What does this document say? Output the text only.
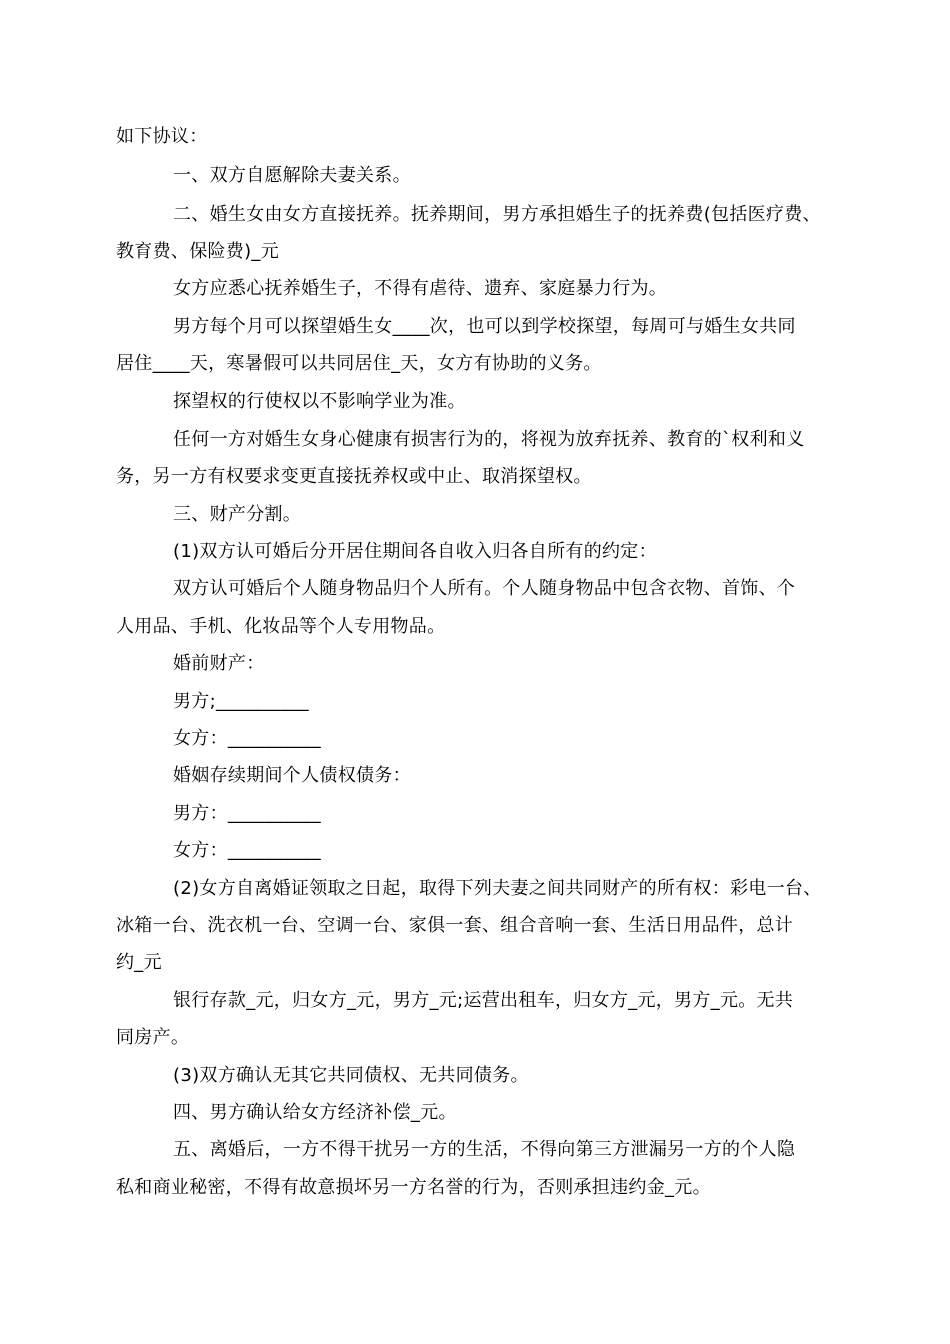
如下协议：
一、双方自愿解除夫妻关系。
二、婚生女由女方直接抚养。抚养期间，男方承担婚生子的抚养费(包括医疗费、
教育费、保险费)_元
女方应悉心抚养婚生子，不得有虐待、遗弃、家庭暴力行为。
男方每个月可以探望婚生女____次，也可以到学校探望，每周可与婚生女共同
居住____天，寒暑假可以共同居住_天，女方有协助的义务。
探望权的行使权以不影响学业为准。
任何一方对婚生女身心健康有损害行为的，将视为放弃抚养、教育的`权利和义
务，另一方有权要求变更直接抚养权或中止、取消探望权。
三、财产分割。
(1)双方认可婚后分开居住期间各自收入归各自所有的约定：
双方认可婚后个人随身物品归个人所有。个人随身物品中包含衣物、首饰、个
人用品、手机、化妆品等个人专用物品。
婚前财产：
男方;__________
女方：__________
婚姻存续期间个人债权债务：
男方：__________
女方：__________
(2)女方自离婚证领取之日起，取得下列夫妻之间共同财产的所有权：彩电一台、
冰箱一台、洗衣机一台、空调一台、家俱一套、组合音响一套、生活日用品件，总计
约_元
银行存款_元，归女方_元，男方_元;运营出租车，归女方_元，男方_元。无共
同房产。
(3)双方确认无其它共同债权、无共同债务。
四、男方确认给女方经济补偿_元。
五、离婚后，一方不得干扰另一方的生活，不得向第三方泄漏另一方的个人隐
私和商业秘密，不得有故意损坏另一方名誉的行为，否则承担违约金_元。
